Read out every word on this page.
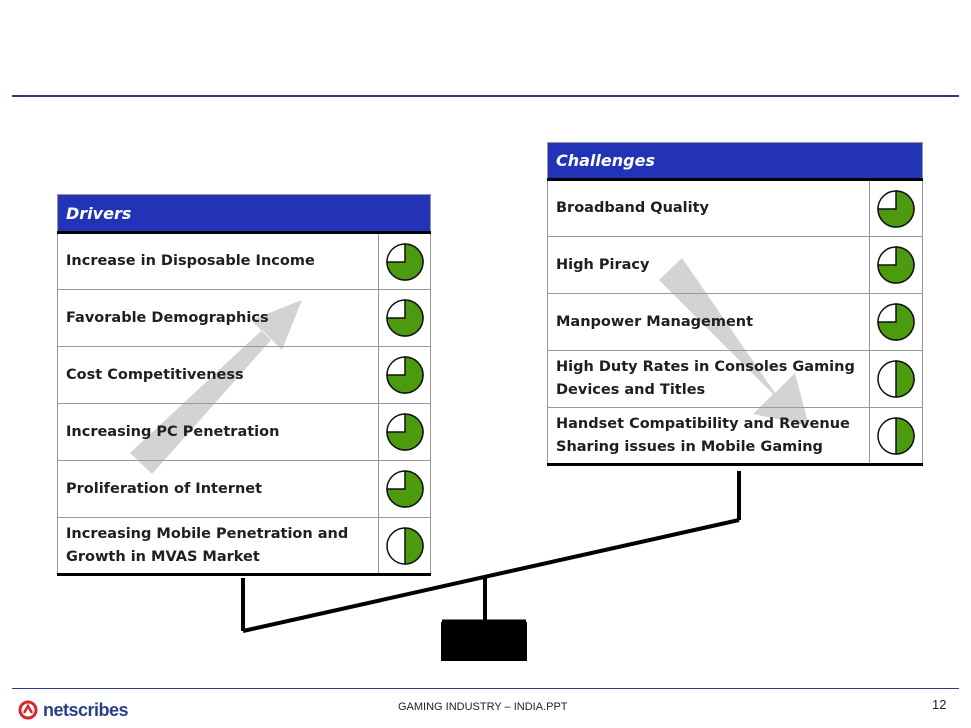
Drivers	
Increase in Disposable Income	

Favorable Demographics	

Cost Competitiveness	

Increasing PC Penetration	

Proliferation of Internet	

Increasing Mobile Penetration and Growth in MVAS Market	
Challenges	
Broadband Quality	

High Piracy	

Manpower Management	

High Duty Rates in Consoles Gaming Devices and Titles	

Handset Compatibility and Revenue Sharing issues in Mobile Gaming	
netscribes	GAMING INDUSTRY – INDIA.PPT	12
